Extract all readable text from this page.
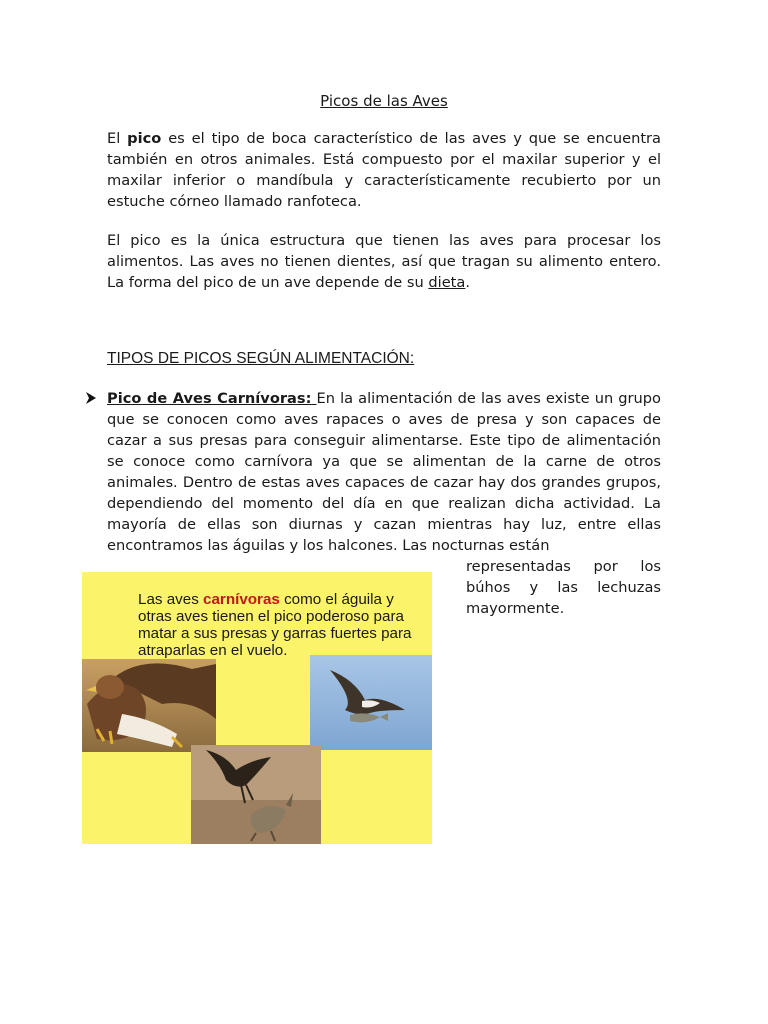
Picos de las Aves

El pico es el tipo de boca característico de las aves y que se encuentra también en otros animales. Está compuesto por el maxilar superior y el maxilar inferior o mandíbula y característicamente recubierto por un estuche córneo llamado ranfoteca.

El pico es la única estructura que tienen las aves para procesar los alimentos. Las aves no tienen dientes, así que tragan su alimento entero. La forma del pico de un ave depende de su dieta.

TIPOS DE PICOS SEGÚN ALIMENTACIÓN:

Pico de Aves Carnívoras: En la alimentación de las aves existe un grupo que se conocen como aves rapaces o aves de presa y son capaces de cazar a sus presas para conseguir alimentarse. Este tipo de alimentación se conoce como carnívora ya que se alimentan de la carne de otros animales. Dentro de estas aves capaces de cazar hay dos grandes grupos, dependiendo del momento del día en que realizan dicha actividad. La mayoría de ellas son diurnas y cazan mientras hay luz, entre ellas encontramos las águilas y los halcones. Las nocturnas están

representadas por los búhos y las lechuzas mayormente.

Las aves carnívoras como el águila y
otras aves tienen el pico poderoso para
matar a sus presas y garras fuertes para
atraparlas en el vuelo.
